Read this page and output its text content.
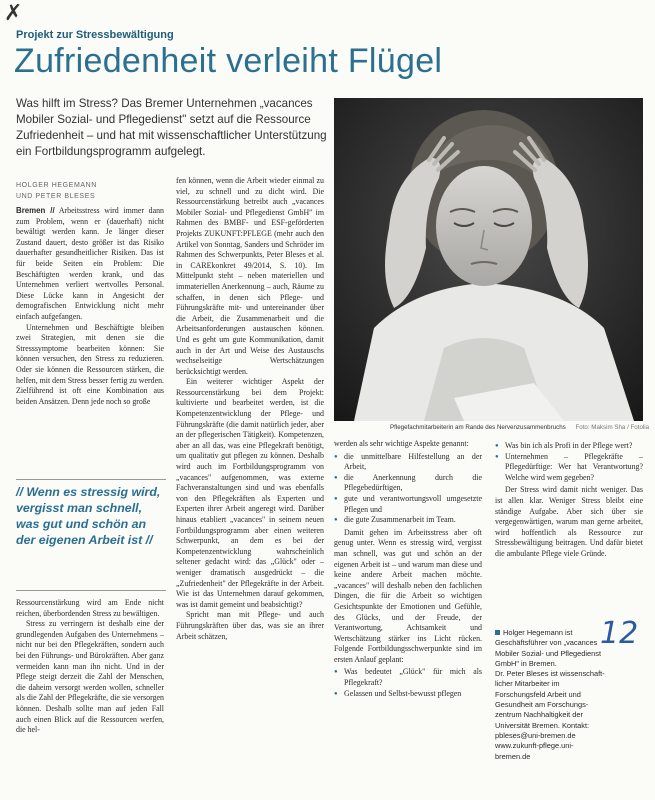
✗
Projekt zur Stressbewältigung
Zufriedenheit verleiht Flügel
Was hilft im Stress? Das Bremer Unternehmen „vacances Mobiler Sozial- und Pflegedienst" setzt auf die Ressource Zufriedenheit – und hat mit wissenschaftlicher Unterstützung ein Fortbildungsprogramm aufgelegt.
HOLGER HEGEMANN UND PETER BLESES

Bremen // Arbeitsstress wird immer dann zum Problem, wenn er (dauerhaft) nicht bewältigt werden kann. Je länger dieser Zustand dauert, desto größer ist das Risiko dauerhafter gesundheitlicher Risiken. Das ist für beide Seiten ein Problem: Die Beschäftigten werden krank, und das Unternehmen verliert wertvolles Personal. Diese Lücke kann in Angesicht der demografischen Entwicklung nicht mehr einfach aufgefangen.

Unternehmen und Beschäftigte bleiben zwei Strategien, mit denen sie die Stresssymptome bearbeiten können: Sie können versuchen, den Stress zu reduzieren. Oder sie können die Ressourcen stärken, die helfen, mit dem Stress besser fertig zu werden. Zielführend ist oft eine Kombination aus beiden Ansätzen. Denn jede noch so große

// Wenn es stressig wird, vergisst man schnell, was gut und schön an der eigenen Arbeit ist //

Ressourcenstärkung wird am Ende nicht reichen, überbordenden Stress zu bewältigen.

Stress zu verringern ist deshalb eine der grundlegenden Aufgaben des Unternehmens – nicht nur bei den Pflegekräften, sondern auch bei den Führungs- und Bürokräften. Aber ganz vermeiden kann man ihn nicht. Und in der Pflege steigt derzeit die Zahl der Menschen, die daheim versorgt werden wollen, schneller als die Zahl der Pflegekräfte, die sie versorgen können. Deshalb sollte man auf jeden Fall auch einen Blick auf die Ressourcen werfen, die hel-

fen können, wenn die Arbeit wieder einmal zu viel, zu schnell und zu dicht wird. Die Ressourcenstärkung betreibt auch „vacances Mobiler Sozial- und Pflegedienst GmbH" im Rahmen des BMBF- und ESF-geförderten Projekts ZUKUNFT:PFLEGE (mehr auch den Artikel von Sonntag, Sanders und Schröder im Rahmen des Schwerpunkts, Peter Bleses et al. in CAREkonkret 49/2014, S. 10). Im Mittelpunkt steht – neben materiellen und immateriellen Anerkennung – auch, Räume zu schaffen, in denen sich Pflege- und Führungskräfte mit- und untereinander über die Arbeit, die Zusammenarbeit und die Arbeitsanforderungen austauschen können. Und es geht um gute Kommunikation, damit auch in der Art und Weise des Austauschs wechselseitige Wertschätzungen berücksichtigt werden.

Ein weiterer wichtiger Aspekt der Ressourcenstärkung bei dem Projekt: kultivierte und bearbeitet werden, ist die Kompetenzentwicklung der Pflege- und Führungskräfte (die damit natürlich jeder, aber an der pflegerischen Tätigkeit). Kompetenzen, aber an all das, was eine Pflegekraft benötigt, um qualitativ gut pflegen zu können. Deshalb wird auch im Fortbildungsprogramm von „vacances" aufgenommen, was externe Fachveranstaltungen sind und was ebenfalls von den Pflegekräften als Experten und Experten ihrer Arbeit angeregt wird. Darüber hinaus etabliert „vacances" in seinem neuen Fortbildungsprogramm aber einen weiteren Schwerpunkt, an dem es bei der Kompetenzentwicklung wahrscheinlich seltener gedacht wird: das „Glück" oder – weniger dramatisch ausgedrückt – die „Zufriedenheit" der Pflegekräfte in der Arbeit. Wie ist das Unternehmen darauf gekommen, was ist damit gemeint und beabsichtigt?

Spricht man mit Pflege- und auch Führungskräften über das, was sie an ihrer Arbeit schätzen,

Pflegefachmitarbeiterin am Rande des Nervenzusammenbruchs Foto: Maksim Sha / Fotolia

werden als sehr wichtige Aspekte genannt:

● die unmittelbare Hilfestellung an der Arbeit,
● die Anerkennung durch die Pflegebedürftigen,
● gute und verantwortungsvoll umgesetzte Pflegen und
● die gute Zusammenarbeit im Team.

Damit gehen im Arbeitsstress aber oft genug unter. Wenn es stressig wird, vergisst man schnell, was gut und schön an der eigenen Arbeit ist – und warum man diese und keine andere Arbeit machen möchte. „vacances" will deshalb neben den fachlichen Dingen, die für die Arbeit so wichtigen Gesichtspunkte der Emotionen und Gefühle, des Glücks, und der Freude, der Verantwortung, Achtsamkeit und Wertschätzung stärker ins Licht rücken. Folgende Fortbildungsschwerpunkte sind im ersten Anlauf geplant:

● Was bedeutet „Glück" für mich als Pflegekraft?
● Gelassen und Selbst-bewusst pflegen
● Was bin ich als Profi in der Pflege wert?
● Unternehmen – Pflegekräfte – Pflegedürftige: Wer hat Verantwortung? Welche wird wem gegeben?

Der Stress wird damit nicht weniger. Das ist allen klar. Weniger Stress bleibt eine ständige Aufgabe. Aber sich über sie vergegenwärtigen, warum man gerne arbeitet, wird hoffentlich als Ressource zur Stressbewältigung beitragen. Und dafür bietet die ambulante Pflege viele Gründe.

12
Holger Hegemann ist
Geschäftsführer von „vacances
Mobiler Sozial- und Pflegedienst
GmbH" in Bremen.
Dr. Peter Bleses ist wissenschaft-
licher Mitarbeiter im
Forschungsfeld Arbeit und
Gesundheit am Forschungs-
zentrum Nachhaltigkeit der
Universität Bremen. Kontakt:
pbleses@uni-bremen.de
www.zukunft-pflege.uni-
bremen.de
